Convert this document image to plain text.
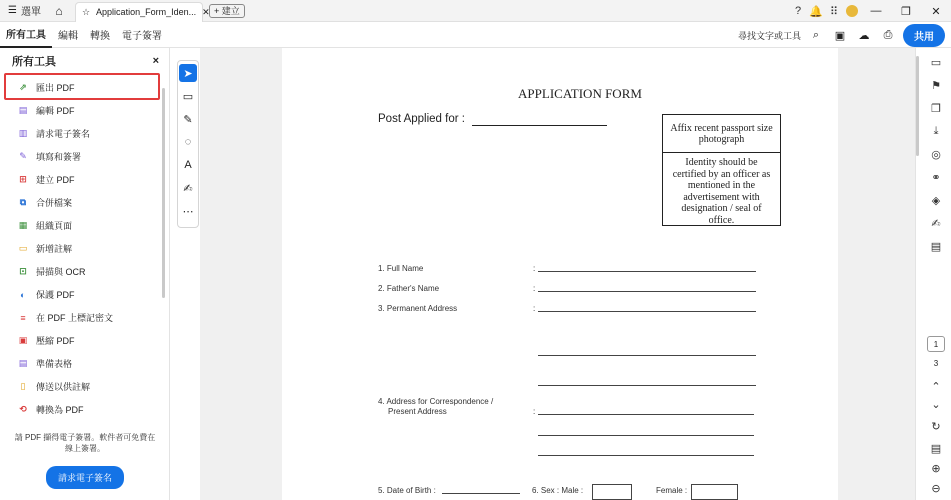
☰ 選單	⌂	☆ Application_Form_Iden... ✕ + 建立	? 🔔 ⠿	—	❐	✕
所有工具	編輯	轉換	電子簽署	尋找文字或工具	⌕	▣	☁	⎙	共用
所有工具	×
⇗ 匯出 PDF
▤ 編輯 PDF
▥ 請求電子簽名
✎ 填寫和簽署
⊞ 建立 PDF
⧉ 合併檔案
▦ 組織頁面
▭ 新增註解
⊡ 掃描與 OCR
◐ 保護 PDF
≡ 在 PDF 上標記密文
▣ 壓縮 PDF
▤ 準備表格
▯ 傳送以供註解
⟲ 轉換為 PDF
請 PDF 擷得電子簽署。軟件者可免費在線上簽署。
請求電子簽名
➤
▭
✎
◌
A
✍
⋯
APPLICATION FORM
Post Applied for :
Affix recent passport size photograph
Identity should be certified by an officer as mentioned in the advertisement with designation / seal of office.
1. Full Name	:
2. Father's Name	:
3. Permanent Address	:
4. Address for Correspondence /
Present Address	:
5. Date of Birth :	6. Sex : Male :	Female :
▭
⚑
❐
⤓
◎
⚭
◈
✍
▤
1
3
⌃
⌄
↻
▤
⊕
⊖
